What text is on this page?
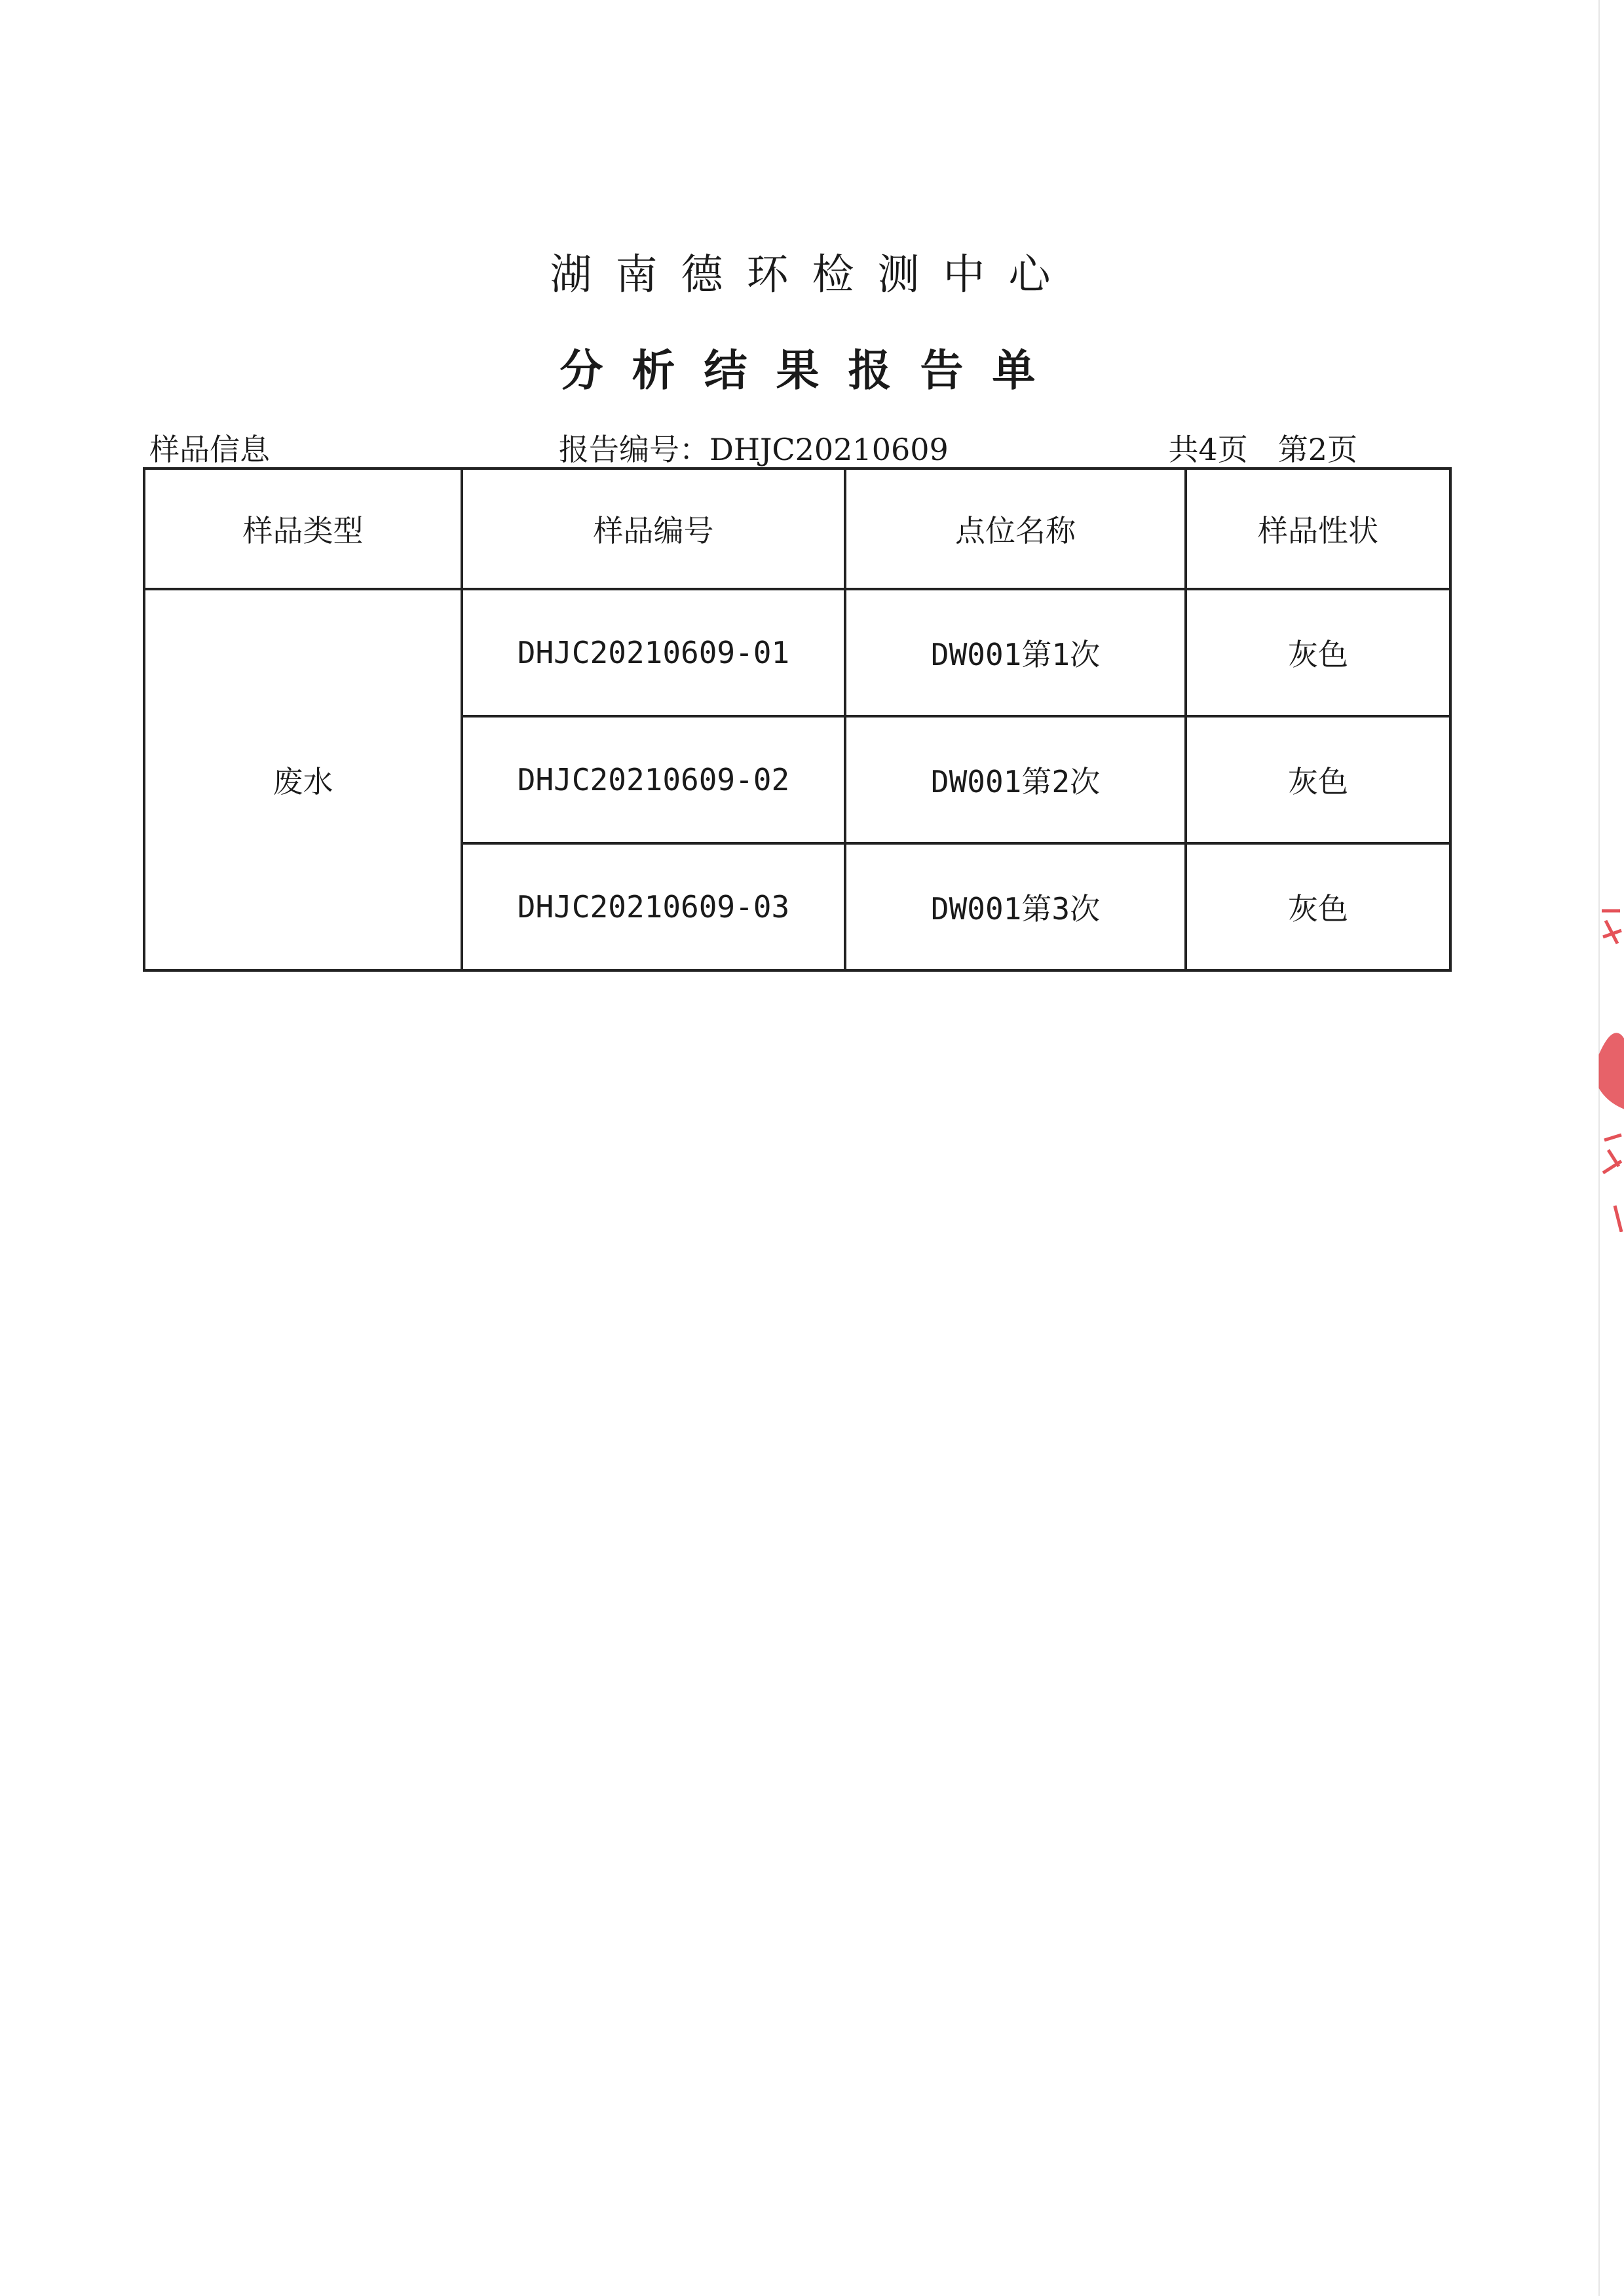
湖南德环检测中心
分析结果报告单
样品信息	报告编号：DHJC20210609	共4页　第2页
样品类型	样品编号	点位名称	样品性状
废水	DHJC20210609-01	DW001第1次	灰色
	DHJC20210609-02	DW001第2次	灰色
	DHJC20210609-03	DW001第3次	灰色
